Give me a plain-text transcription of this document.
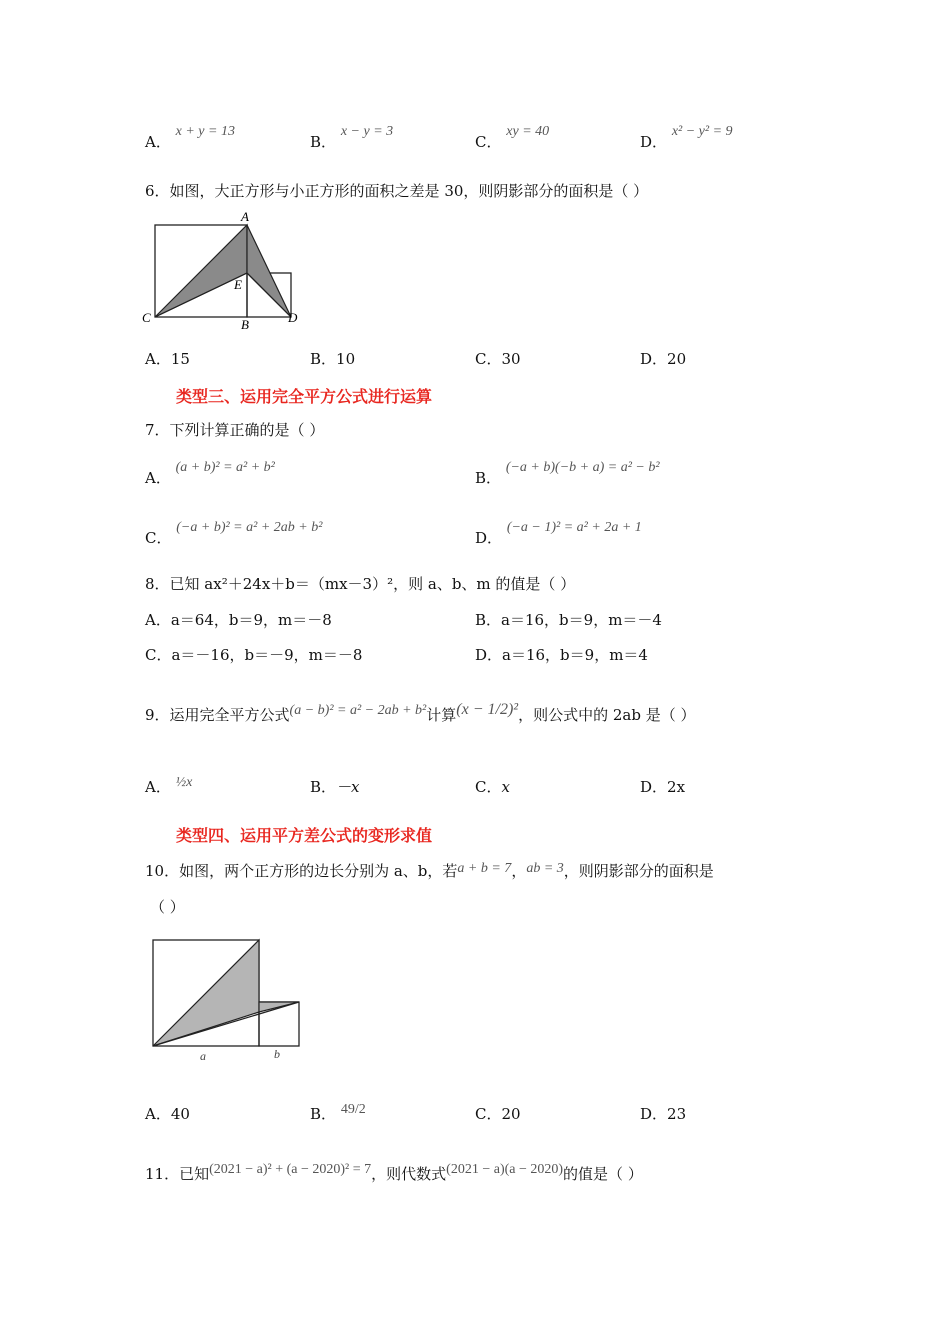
A． x + y = 13
B． x − y = 3
C． xy = 40
D． x² − y² = 9
6．如图，大正方形与小正方形的面积之差是 30，则阴影部分的面积是（ ）
A
E
C	B	D
A．15	B．10	C．30	D．20
类型三、运用完全平方公式进行运算
7．下列计算正确的是（ ）
A． (a + b)² = a² + b²
B． (−a + b)(−b + a) = a² − b²
C． (−a + b)² = a² + 2ab + b²
D． (−a − 1)² = a² + 2a + 1
8．已知 ax²＋24x＋b＝（mx－3）²，则 a、b、m 的值是（ ）
A．a＝64，b＝9，m＝－8	B．a＝16，b＝9，m＝－4
C．a＝－16，b＝－9，m＝－8	D．a＝16，b＝9，m＝4
9．运用完全平方公式(a − b)² = a² − 2ab + b²计算(x − 1/2)²，则公式中的 2ab 是（ ）
A． ½x	B．－x	C．x	D．2x
类型四、运用平方差公式的变形求值
10．如图，两个正方形的边长分别为 a、b，若a + b = 7，ab = 3，则阴影部分的面积是
（ ）
a	b
A．40	B． 49/2	C．20	D．23
11．已知(2021 − a)² + (a − 2020)² = 7，则代数式(2021 − a)(a − 2020)的值是（ ）
